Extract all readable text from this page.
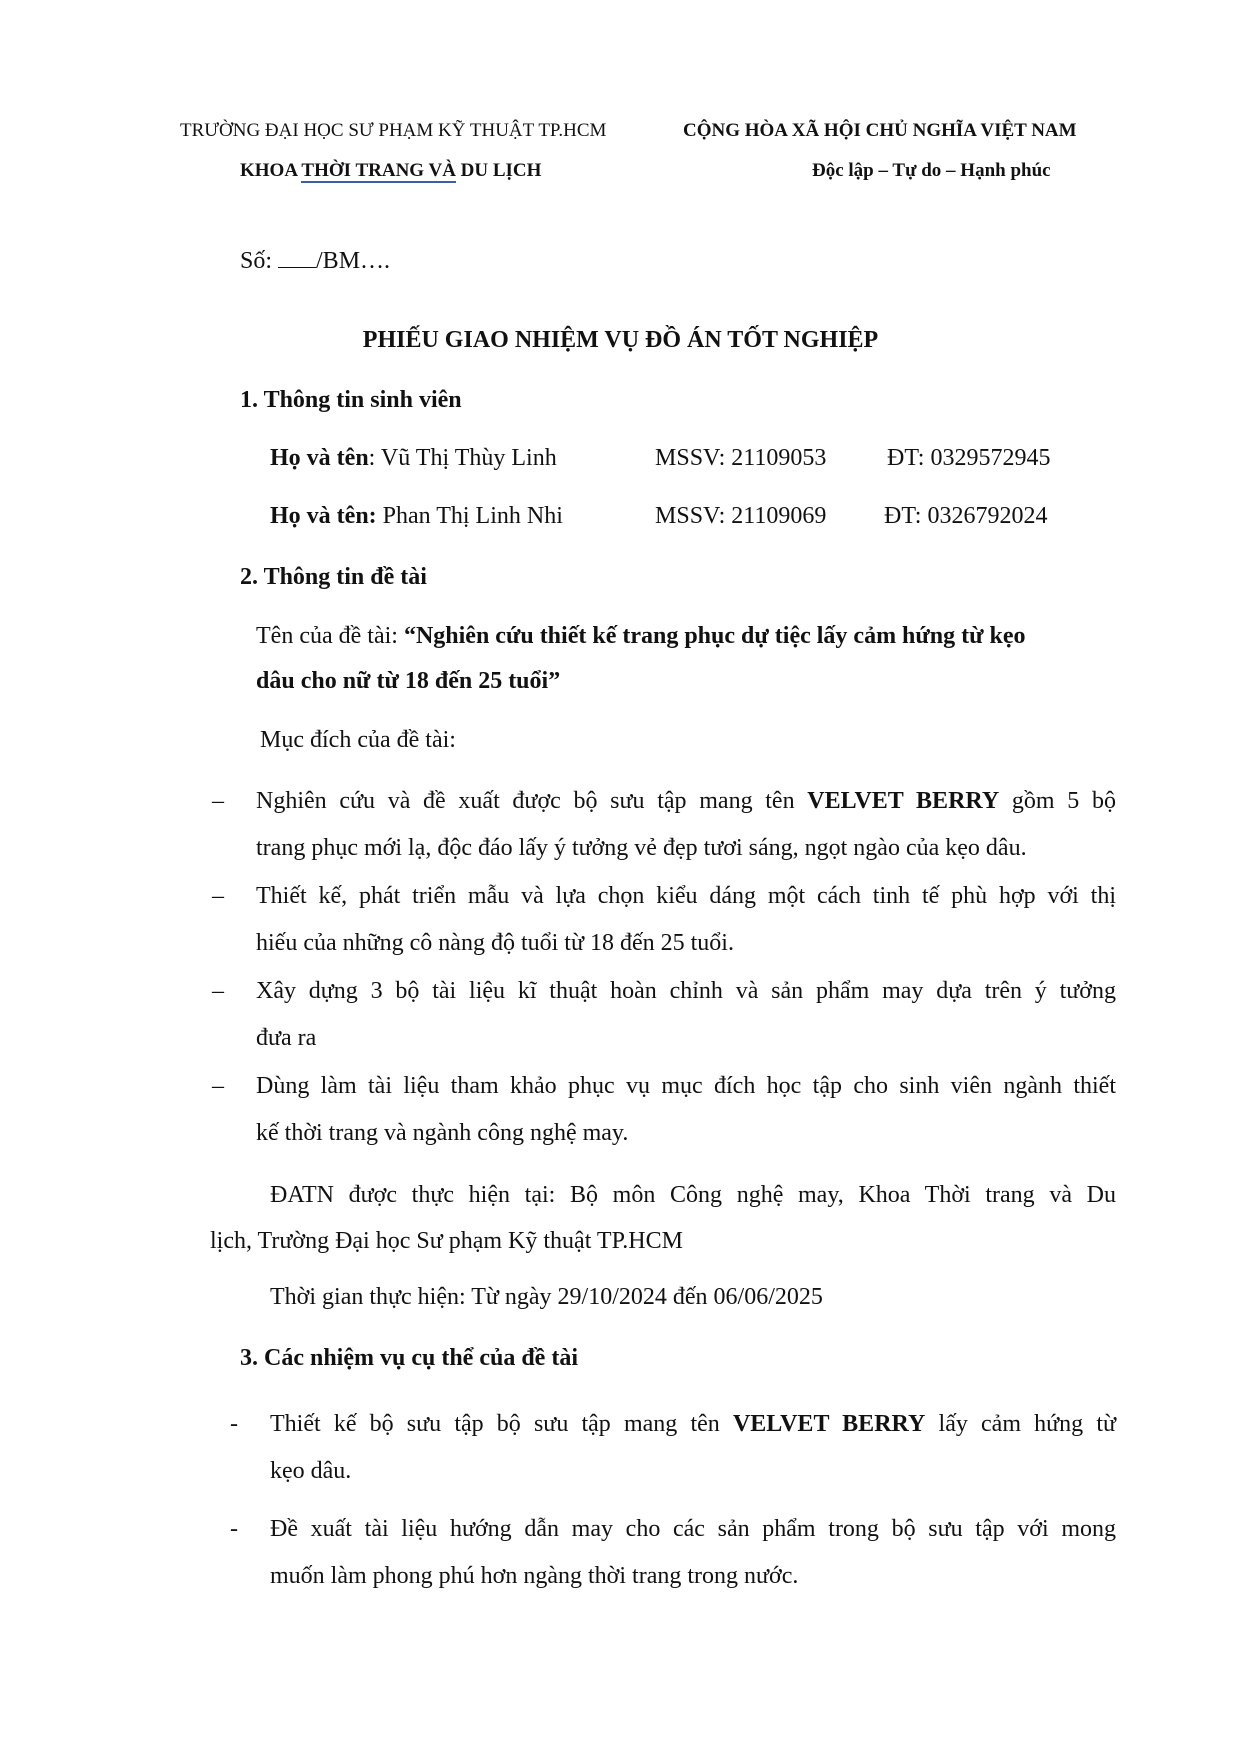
TRƯỜNG ĐẠI HỌC SƯ PHẠM KỸ THUẬT TP.HCM	CỘNG HÒA XÃ HỘI CHỦ NGHĨA VIỆT NAM
KHOA THỜI TRANG VÀ DU LỊCH	Độc lập – Tự do – Hạnh phúc
Số: /BM….
PHIẾU GIAO NHIỆM VỤ ĐỒ ÁN TỐT NGHIỆP
1. Thông tin sinh viên
Họ và tên: Vũ Thị Thùy Linh	MSSV: 21109053	ĐT: 0329572945
Họ và tên: Phan Thị Linh Nhi	MSSV: 21109069 ĐT: 0326792024
2. Thông tin đề tài
Tên của đề tài: “Nghiên cứu thiết kế trang phục dự tiệc lấy cảm hứng từ kẹo
dâu cho nữ từ 18 đến 25 tuổi”
Mục đích của đề tài:
– Nghiên cứu và đề xuất được bộ sưu tập mang tên VELVET BERRY gồm 5 bộ
trang phục mới lạ, độc đáo lấy ý tưởng vẻ đẹp tươi sáng, ngọt ngào của kẹo dâu.
– Thiết kế, phát triển mẫu và lựa chọn kiểu dáng một cách tinh tế phù hợp với thị
hiếu của những cô nàng độ tuổi từ 18 đến 25 tuổi.
– Xây dựng 3 bộ tài liệu kĩ thuật hoàn chỉnh và sản phẩm may dựa trên ý tưởng
đưa ra
– Dùng làm tài liệu tham khảo phục vụ mục đích học tập cho sinh viên ngành thiết
kế thời trang và ngành công nghệ may.
ĐATN được thực hiện tại: Bộ môn Công nghệ may, Khoa Thời trang và Du
lịch, Trường Đại học Sư phạm Kỹ thuật TP.HCM
Thời gian thực hiện: Từ ngày 29/10/2024 đến 06/06/2025
3. Các nhiệm vụ cụ thể của đề tài
- Thiết kế bộ sưu tập bộ sưu tập mang tên VELVET BERRY lấy cảm hứng từ
kẹo dâu.
- Đề xuất tài liệu hướng dẫn may cho các sản phẩm trong bộ sưu tập với mong
muốn làm phong phú hơn ngàng thời trang trong nước.
